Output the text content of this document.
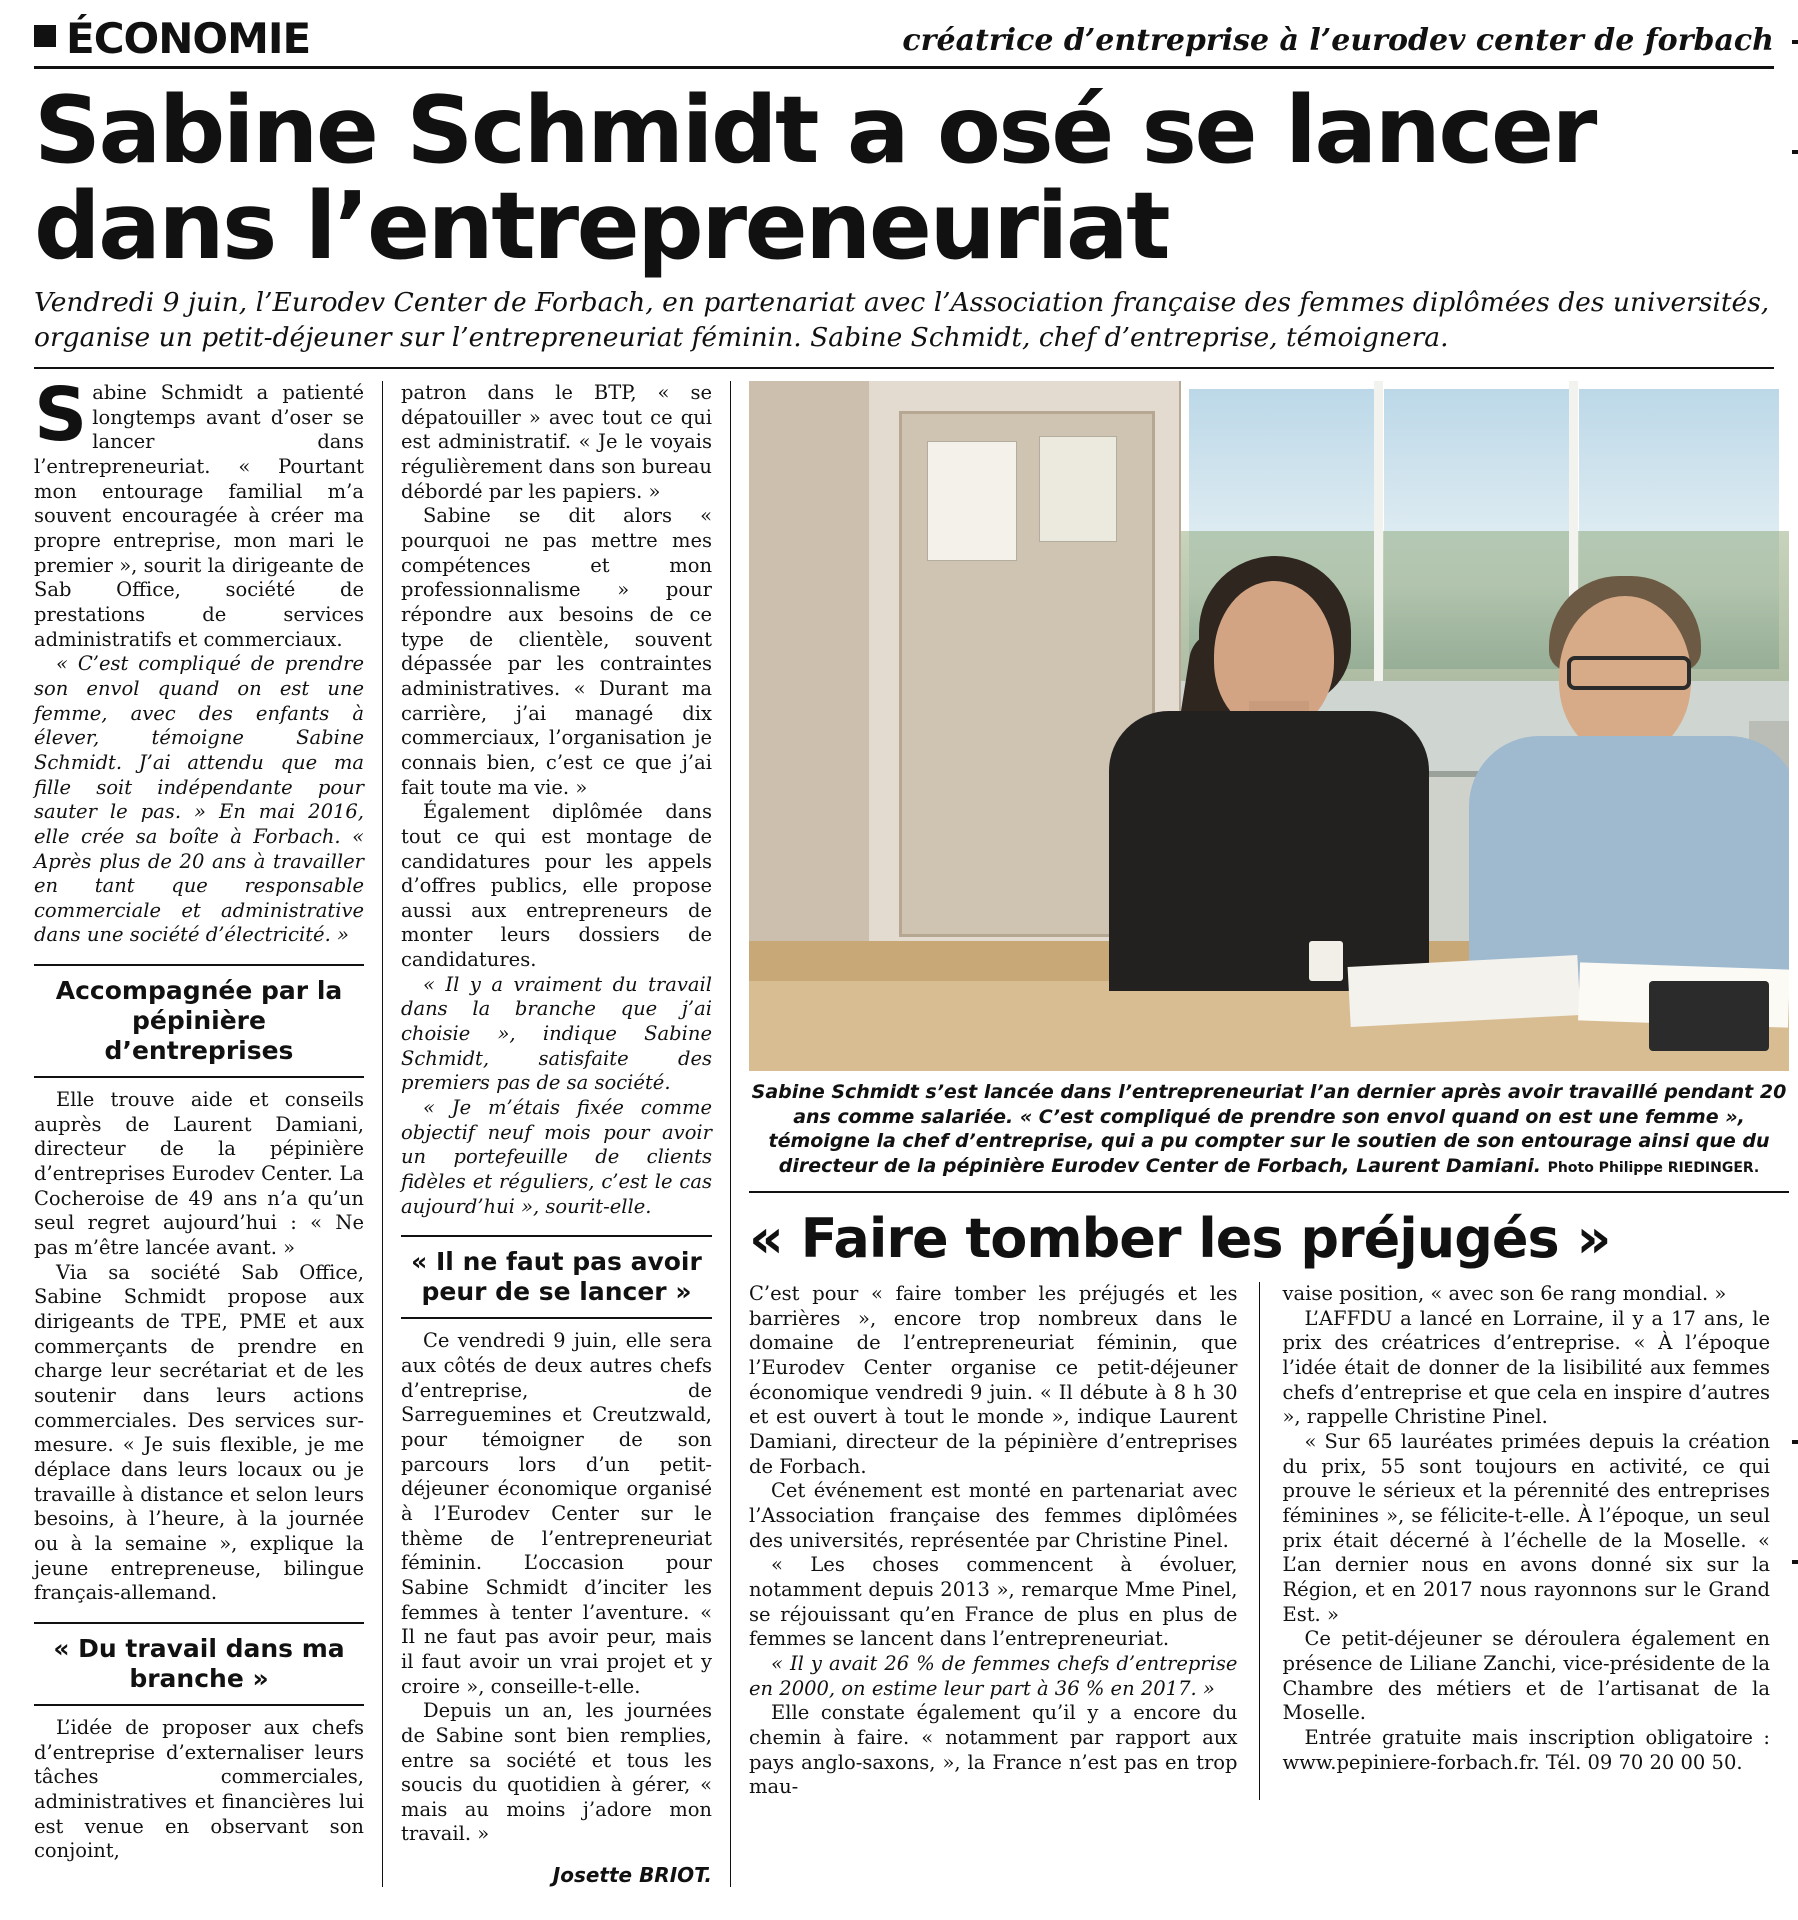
ÉCONOMIE	créatrice d’entreprise à l’eurodev center de forbach
Sabine Schmidt a osé se lancer dans l’entrepreneuriat
Vendredi 9 juin, l’Eurodev Center de Forbach, en partenariat avec l’Association française des femmes diplômées des universités, organise un petit-déjeuner sur l’entrepreneuriat féminin. Sabine Schmidt, chef d’entreprise, témoignera.

Sabine Schmidt a patienté longtemps avant d’oser se lancer dans l’entrepreneuriat. « Pourtant mon entourage familial m’a souvent encouragée à créer ma propre entreprise, mon mari le premier », sourit la dirigeante de Sab Office, société de prestations de services administratifs et commerciaux.

« C’est compliqué de prendre son envol quand on est une femme, avec des enfants à élever, témoigne Sabine Schmidt. J’ai attendu que ma fille soit indépendante pour sauter le pas. » En mai 2016, elle crée sa boîte à Forbach. « Après plus de 20 ans à travailler en tant que responsable commerciale et administrative dans une société d’électricité. »

Accompagnée par la pépinière d’entreprises

Elle trouve aide et conseils auprès de Laurent Damiani, directeur de la pépinière d’entreprises Eurodev Center. La Cocheroise de 49 ans n’a qu’un seul regret aujourd’hui : « Ne pas m’être lancée avant. »

Via sa société Sab Office, Sabine Schmidt propose aux dirigeants de TPE, PME et aux commerçants de prendre en charge leur secrétariat et de les soutenir dans leurs actions commerciales. Des services sur-mesure. « Je suis flexible, je me déplace dans leurs locaux ou je travaille à distance et selon leurs besoins, à l’heure, à la journée ou à la semaine », explique la jeune entrepreneuse, bilingue français-allemand.

« Du travail dans ma branche »

L’idée de proposer aux chefs d’entreprise d’externaliser leurs tâches commerciales, administratives et financières lui est venue en observant son conjoint,

patron dans le BTP, « se dépatouiller » avec tout ce qui est administratif. « Je le voyais régulièrement dans son bureau débordé par les papiers. »

Sabine se dit alors « pourquoi ne pas mettre mes compétences et mon professionnalisme » pour répondre aux besoins de ce type de clientèle, souvent dépassée par les contraintes administratives. « Durant ma carrière, j’ai managé dix commerciaux, l’organisation je connais bien, c’est ce que j’ai fait toute ma vie. »

Également diplômée dans tout ce qui est montage de candidatures pour les appels d’offres publics, elle propose aussi aux entrepreneurs de monter leurs dossiers de candidatures.

« Il y a vraiment du travail dans la branche que j’ai choisie », indique Sabine Schmidt, satisfaite des premiers pas de sa société.

« Je m’étais fixée comme objectif neuf mois pour avoir un portefeuille de clients fidèles et réguliers, c’est le cas aujourd’hui », sourit-elle.

« Il ne faut pas avoir peur de se lancer »

Ce vendredi 9 juin, elle sera aux côtés de deux autres chefs d’entreprise, de Sarreguemines et Creutzwald, pour témoigner de son parcours lors d’un petit-déjeuner économique organisé à l’Eurodev Center sur le thème de l’entrepreneuriat féminin. L’occasion pour Sabine Schmidt d’inciter les femmes à tenter l’aventure. « Il ne faut pas avoir peur, mais il faut avoir un vrai projet et y croire », conseille-t-elle.

Depuis un an, les journées de Sabine sont bien remplies, entre sa société et tous les soucis du quotidien à gérer, « mais au moins j’adore mon travail. »

Josette BRIOT.
Sabine Schmidt s’est lancée dans l’entrepreneuriat l’an dernier après avoir travaillé pendant 20 ans comme salariée. « C’est compliqué de prendre son envol quand on est une femme », témoigne la chef d’entreprise, qui a pu compter sur le soutien de son entourage ainsi que du directeur de la pépinière Eurodev Center de Forbach, Laurent Damiani. Photo Philippe RIEDINGER.
« Faire tomber les préjugés »

C’est pour « faire tomber les préjugés et les barrières », encore trop nombreux dans le domaine de l’entrepreneuriat féminin, que l’Eurodev Center organise ce petit-déjeuner économique vendredi 9 juin. « Il débute à 8 h 30 et est ouvert à tout le monde », indique Laurent Damiani, directeur de la pépinière d’entreprises de Forbach.

Cet événement est monté en partenariat avec l’Association française des femmes diplômées des universités, représentée par Christine Pinel.

« Les choses commencent à évoluer, notamment depuis 2013 », remarque Mme Pinel, se réjouissant qu’en France de plus en plus de femmes se lancent dans l’entrepreneuriat.

« Il y avait 26 % de femmes chefs d’entreprise en 2000, on estime leur part à 36 % en 2017. »

Elle constate également qu’il y a encore du chemin à faire. « notamment par rapport aux pays anglo-saxons, », la France n’est pas en trop mau-

vaise position, « avec son 6e rang mondial. »

L’AFFDU a lancé en Lorraine, il y a 17 ans, le prix des créatrices d’entreprise. « À l’époque l’idée était de donner de la lisibilité aux femmes chefs d’entreprise et que cela en inspire d’autres », rappelle Christine Pinel.

« Sur 65 lauréates primées depuis la création du prix, 55 sont toujours en activité, ce qui prouve le sérieux et la pérennité des entreprises féminines », se félicite-t-elle. À l’époque, un seul prix était décerné à l’échelle de la Moselle. « L’an dernier nous en avons donné six sur la Région, et en 2017 nous rayonnons sur le Grand Est. »

Ce petit-déjeuner se déroulera également en présence de Liliane Zanchi, vice-présidente de la Chambre des métiers et de l’artisanat de la Moselle.

Entrée gratuite mais inscription obligatoire : www.pepiniere-forbach.fr. Tél. 09 70 20 00 50.
